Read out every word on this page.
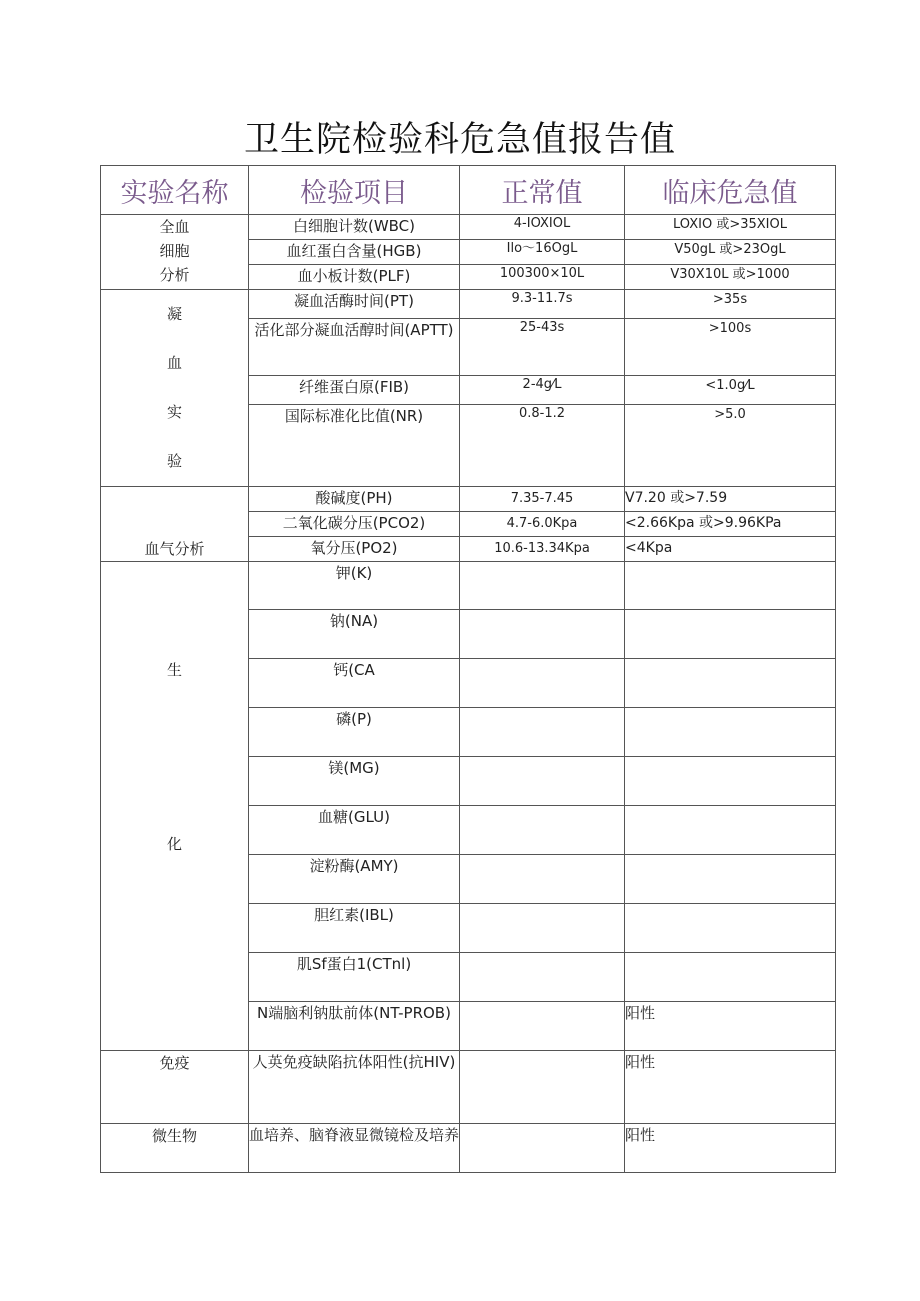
卫生院检验科危急值报告值
实验名称	检验项目	正常值	临床危急值

全血
细胞
分析	白细胞计数(WBC)	4-IOXIOL	LOXIO 或>35XIOL
	血红蛋白含量(HGB)	Ilo～16OgL	V50gL 或>23OgL
	血小板计数(PLF)	100300×10L	V30X10L 或>1000

凝
血
实
验	凝血活酶时间(PT)	9.3-11.7s	>35s
	活化部分凝血活醇时间(APTT)	25-43s	>100s
	纤维蛋白原(FIB)	2-4g⁄L	<1.0g⁄L
	国际标准化比值(NR)	0.8-1.2	>5.0
血气分析	酸碱度(PH)	7.35-7.45	V7.20 或>7.59
	二氧化碳分压(PCO2)	4.7-6.0Kpa	<2.66Kpa 或>9.96KPa
	氧分压(PO2)	10.6-13.34Kpa	<4Kpa

生
化	钾(K)		
	钠(NA)		
	钙(CA		
	磷(P)		
	镁(MG)		
	血糖(GLU)		
	淀粉酶(AMY)		
	胆红素(IBL)		
	肌Sf蛋白1(CTnl)		
	N端脑利钠肽前体(NT-PROB)		阳性
免疫	人英免疫缺陷抗体阳性(抗HIV)		阳性
微生物	血培养、脑脊液显微镜检及培养		阳性
